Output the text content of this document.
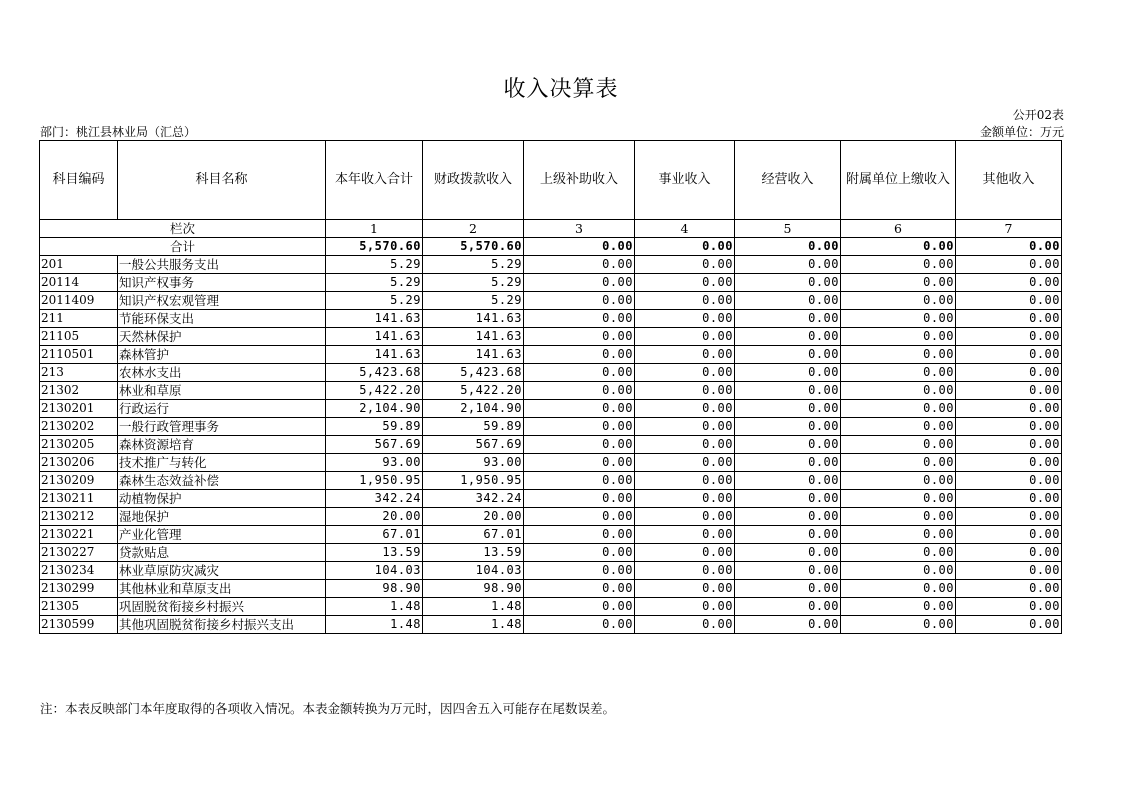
收入决算表
公开02表
部门：桃江县林业局（汇总）	金额单位：万元
科目编码	科目名称	本年收入合计	财政拨款收入	上级补助收入	事业收入	经营收入	附属单位上缴收入	其他收入
栏次		1	2	3	4	5	6	7
合计		5,570.60	5,570.60	0.00	0.00	0.00	0.00	0.00
201	一般公共服务支出	5.29	5.29	0.00	0.00	0.00	0.00	0.00
20114	知识产权事务	5.29	5.29	0.00	0.00	0.00	0.00	0.00
2011409	知识产权宏观管理	5.29	5.29	0.00	0.00	0.00	0.00	0.00
211	节能环保支出	141.63	141.63	0.00	0.00	0.00	0.00	0.00
21105	天然林保护	141.63	141.63	0.00	0.00	0.00	0.00	0.00
2110501	森林管护	141.63	141.63	0.00	0.00	0.00	0.00	0.00
213	农林水支出	5,423.68	5,423.68	0.00	0.00	0.00	0.00	0.00
21302	林业和草原	5,422.20	5,422.20	0.00	0.00	0.00	0.00	0.00
2130201	行政运行	2,104.90	2,104.90	0.00	0.00	0.00	0.00	0.00
2130202	一般行政管理事务	59.89	59.89	0.00	0.00	0.00	0.00	0.00
2130205	森林资源培育	567.69	567.69	0.00	0.00	0.00	0.00	0.00
2130206	技术推广与转化	93.00	93.00	0.00	0.00	0.00	0.00	0.00
2130209	森林生态效益补偿	1,950.95	1,950.95	0.00	0.00	0.00	0.00	0.00
2130211	动植物保护	342.24	342.24	0.00	0.00	0.00	0.00	0.00
2130212	湿地保护	20.00	20.00	0.00	0.00	0.00	0.00	0.00
2130221	产业化管理	67.01	67.01	0.00	0.00	0.00	0.00	0.00
2130227	贷款贴息	13.59	13.59	0.00	0.00	0.00	0.00	0.00
2130234	林业草原防灾减灾	104.03	104.03	0.00	0.00	0.00	0.00	0.00
2130299	其他林业和草原支出	98.90	98.90	0.00	0.00	0.00	0.00	0.00
21305	巩固脱贫衔接乡村振兴	1.48	1.48	0.00	0.00	0.00	0.00	0.00
2130599	其他巩固脱贫衔接乡村振兴支出	1.48	1.48	0.00	0.00	0.00	0.00	0.00
注：本表反映部门本年度取得的各项收入情况。本表金额转换为万元时，因四舍五入可能存在尾数误差。
